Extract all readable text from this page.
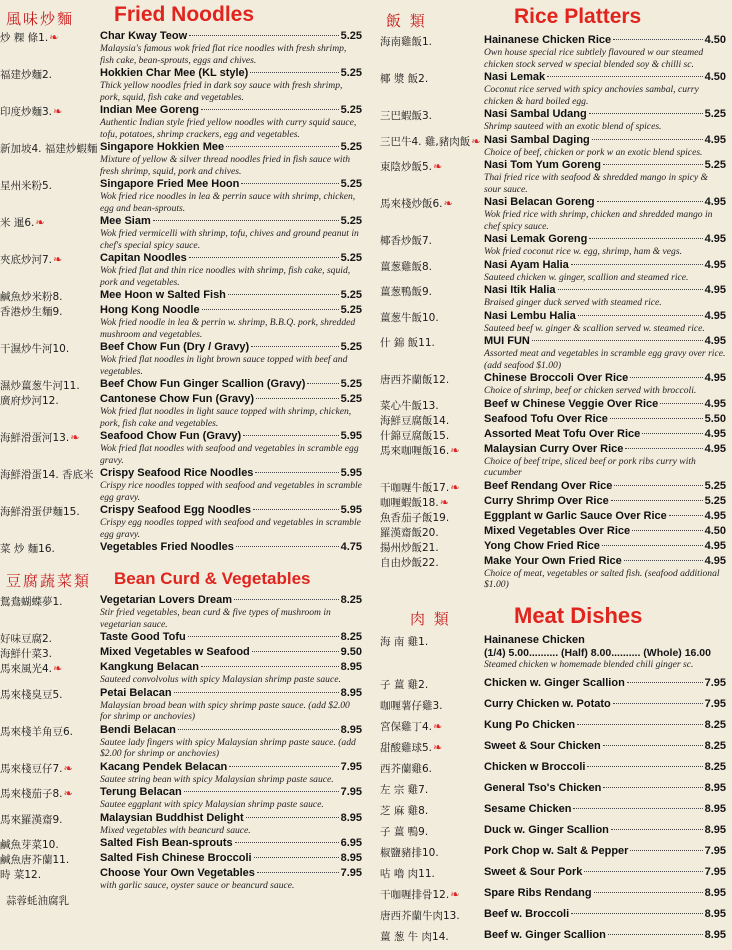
風味炒麵 Fried Noodles
炒 粿 條1.❧	Char Kway Teow	5.25
Malaysia's famous wok fried flat rice noodles with fresh shrimp, fish cake, bean-sprouts, eggs and chives.
福建炒麵2.	Hokkien Char Mee (KL style)	5.25
Thick yellow noodles fried in dark soy sauce with fresh shrimp, pork, squid, fish cake and vegetables.
印度炒麵3.❧	Indian Mee Goreng	5.25
Authentic Indian style fried yellow noodles with curry squid sauce, tofu, potatoes, shrimp crackers, egg and vegetables.
新加坡4. 福建炒蝦麵 Singapore Hokkien Mee	5.25
Mixture of yellow & silver thread noodles fried in fish sauce with fresh shrimp, squid, pork and chives.
星州米粉5.	Singapore Fried Mee Hoon	5.25
Wok fried rice noodles in lea & perrin sauce with shrimp, chicken, egg and bean-sprouts.
米 暹6.❧	Mee Siam	5.25
Wok fried vermicelli with shrimp, tofu, chives and ground peanut in chef's special spicy sauce.
夾底炒河7.❧	Capitan Noodles	5.25
Wok fried flat and thin rice noodles with shrimp, fish cake, squid, pork and vegetables.
鹹魚炒米粉8.	Mee Hoon w Salted Fish	5.25
香港炒生麵9.	Hong Kong Noodle	5.25
Wok fried noodle in lea & perrin w. shrimp, B.B.Q. pork, shredded mushroom and vegetables.
干濕炒牛河10.	Beef Chow Fun (Dry / Gravy)	5.25
Wok fried flat noodles in light brown sauce topped with beef and vegetables.
濕炒薑葱牛河11.	Beef Chow Fun Ginger Scallion (Gravy)	5.25
廣府炒河12.	Cantonese Chow Fun (Gravy)	5.25
Wok fried flat noodles in light sauce topped with shrimp, chicken, pork, fish cake and vegetables.
海鮮滑蛋河13.❧	Seafood Chow Fun (Gravy)	5.95
Wok fried flat noodles with seafood and vegetables in scramble egg gravy.
海鮮滑蛋14. 香底米 Crispy Seafood Rice Noodles	5.95
Crispy rice noodles topped with seafood and vegetables in scramble egg gravy.
海鮮滑蛋伊麵15.	Crispy Seafood Egg Noodles	5.95
Crispy egg noodles topped with seafood and vegetables in scramble egg gravy.
菜 炒 麵16.	Vegetables Fried Noodles	4.75
豆腐蔬菜類 Bean Curd & Vegetables
鴛鴦蝴蝶夢1.	Vegetarian Lovers Dream	8.25
Stir fried vegetables, bean curd & five types of mushroom in vegetarian sauce.
好味豆腐2.	Taste Good Tofu	8.25
海鮮什菜3.	Mixed Vegetables w Seafood	9.50
馬來風光4.❧	Kangkung Belacan	8.95
Sauteed convolvolus with spicy Malaysian shrimp paste sauce.
馬來棧臭豆5.	Petai Belacan	8.95
Malaysian broad bean with spicy shrimp paste sauce. (add $2.00 for shrimp or anchovies)
馬來棧羊角豆6.	Bendi Belacan	8.95
Sautee lady fingers with spicy Malaysian shrimp paste sauce. (add $2.00 for shrimp or anchovies)
馬來棧豆仔7.❧	Kacang Pendek Belacan	7.95
Sautee string bean with spicy Malaysian shrimp paste sauce.
馬來棧茄子8.❧	Terung Belacan	7.95
Sautee eggplant with spicy Malaysian shrimp paste sauce.
馬來羅漢齋9.	Malaysian Buddhist Delight	8.95
Mixed vegetables with beancurd sauce.
鹹魚芽菜10.	Salted Fish Bean-sprouts	6.95
鹹魚唐芥蘭11.	Salted Fish Chinese Broccoli	8.95
時 菜12.	Choose Your Own Vegetables	7.95
with garlic sauce, oyster sauce or beancurd sauce.
蒜蓉蚝油腐乳
飯 類	Rice Platters
海南雞飯1.	Hainanese Chicken Rice	4.50
Own house special rice subtlely flavoured w our steamed chicken stock served w special blended soy & chilli sc.
椰 漿 飯2.	Nasi Lemak	4.50
Coconut rice served with spicy anchovies sambal, curry chicken & hard boiled egg.
三巴蝦飯3.	Nasi Sambal Udang	5.25
Shrimp sauteed with an exotic blend of spices.
三巴牛4. 雞,豬肉飯❧ Nasi Sambal Daging	4.95
Choice of beef, chicken or pork w an exotic blend spices.
東陰炒飯5.❧	Nasi Tom Yum Goreng	5.25
Thai fried rice with seafood & shredded mango in spicy & sour sauce.
馬來棧炒飯6.❧	Nasi Belacan Goreng	4.95
Wok fried rice with shrimp, chicken and shredded mango in chef spicy sauce.
椰香炒飯7.	Nasi Lemak Goreng	4.95
Wok fried coconut rice w. egg, shrimp, ham & vegs.
薑葱雞飯8.	Nasi Ayam Halia	4.95
Sauteed chicken w. ginger, scallion and steamed rice.
薑葱鴨飯9.	Nasi Itik Halia	4.95
Braised ginger duck served with steamed rice.
薑葱牛飯10.	Nasi Lembu Halia	4.95
Sauteed beef w. ginger & scallion served w. steamed rice.
什 錦 飯11.	MUI FUN	4.95
Assorted meat and vegetables in scramble egg gravy over rice. (add seafood $1.00)
唐西芥蘭飯12.	Chinese Broccoli Over Rice	4.95
Choice of shrimp, beef or chicken served with broccoli.
菜心牛飯13.	Beef w Chinese Veggie Over Rice	4.95
海鮮豆腐飯14.	Seafood Tofu Over Rice	5.50
什錦豆腐飯15.	Assorted Meat Tofu Over Rice	4.95
馬來咖喱飯16.❧	Malaysian Curry Over Rice	4.95
Choice of beef tripe, sliced beef or pork ribs curry with cucumber
干咖喱牛飯17.❧	Beef Rendang Over Rice	5.25
咖喱蝦飯18.❧	Curry Shrimp Over Rice	5.25
魚香茄子飯19.	Eggplant w Garlic Sauce Over Rice	4.95
羅漢齋飯20.	Mixed Vegetables Over Rice	4.50
揚州炒飯21.	Yong Chow Fried Rice	4.95
自由炒飯22.	Make Your Own Fried Rice	4.95
Choice of meat, vegetables or salted fish. (seafood additional $1.00)
肉 類	Meat Dishes
海 南 雞1.	Hainanese Chicken
(1/4) 5.00.......... (Half) 8.00.......... (Whole) 16.00
Steamed chicken w homemade blended chili ginger sc.
子 薑 雞2.	Chicken w. Ginger Scallion	7.95
咖喱薯仔雞3.	Curry Chicken w. Potato	7.95
宮保雞丁4.❧	Kung Po Chicken	8.25
甜酸雞球5.❧	Sweet & Sour Chicken	8.25
西芥蘭雞6.	Chicken w Broccoli	8.25
左 宗 雞7.	General Tso's Chicken	8.95
芝 麻 雞8.	Sesame Chicken	8.95
子 薑 鴨9.	Duck w. Ginger Scallion	8.95
椒鹽豬排10.	Pork Chop w. Salt & Pepper	7.95
咕 嚕 肉11.	Sweet & Sour Pork	7.95
干咖喱排骨12.❧	Spare Ribs Rendang	8.95
唐西芥蘭牛肉13.	Beef w. Broccoli	8.95
薑 葱 牛 肉14.	Beef w. Ginger Scallion	8.95
